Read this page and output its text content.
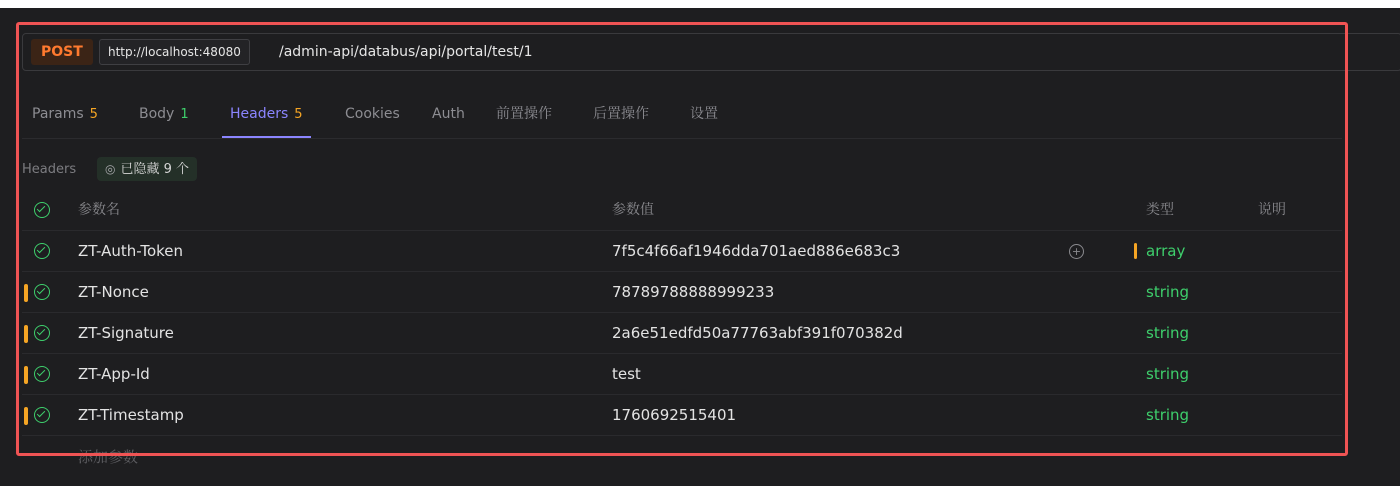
POST	http://localhost:48080	/admin-api/databus/api/portal/test/1
Params 5	Body 1	Headers 5	Cookies Auth 前置操作	后置操作	设置
Headers	◎ 已隐藏 9 个
参数名	参数值	类型	说明
ZT-Auth-Token	7f5c4f66af1946dda701aed886e683c3	+	array
ZT-Nonce	78789788888999233	string
ZT-Signature	2a6e51edfd50a77763abf391f070382d	string
ZT-App-Id	test	string
ZT-Timestamp	1760692515401	string
添加参数
